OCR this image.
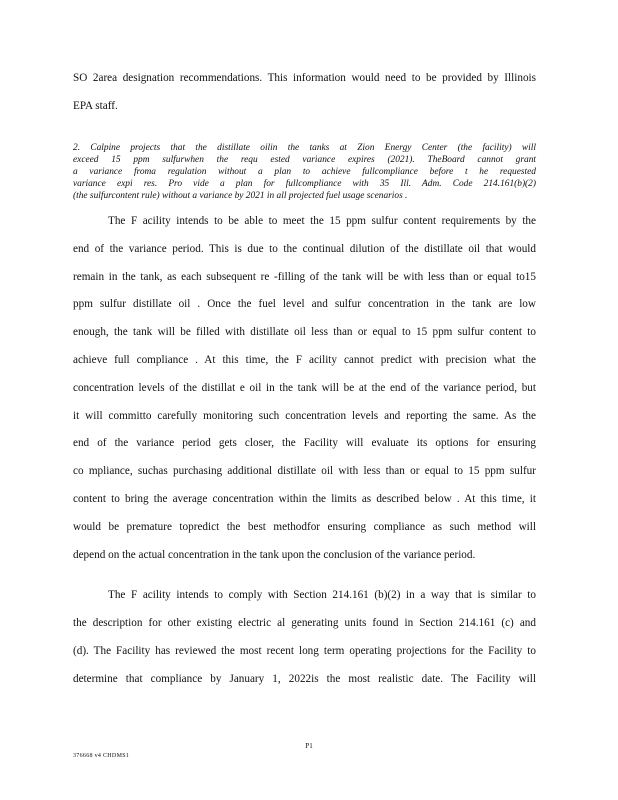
SO 2area designation recommendations. This information would need to be provided by Illinois
EPA staff.
2. Calpine projects that the distillate oilin the tanks at Zion Energy Center (the facility) will
exceed 15 ppm sulfurwhen the requ ested variance expires (2021). TheBoard cannot grant
a variance froma regulation without a plan to achieve fullcompliance before t he requested
variance expi res. Pro vide a plan for fullcompliance with 35 Ill. Adm. Code 214.161(b)(2)
(the sulfurcontent rule) without a variance by 2021 in all projected fuel usage scenarios .
The F acility intends to be able to meet the 15 ppm sulfur content requirements by the
end of the variance period. This is due to the continual dilution of the distillate oil that would
remain in the tank, as each subsequent re -filling of the tank will be with less than or equal to15
ppm sulfur distillate oil . Once the fuel level and sulfur concentration in the tank are low
enough, the tank will be filled with distillate oil less than or equal to 15 ppm sulfur content to
achieve full compliance . At this time, the F acility cannot predict with precision what the
concentration levels of the distillat e oil in the tank will be at the end of the variance period, but
it will committo carefully monitoring such concentration levels and reporting the same. As the
end of the variance period gets closer, the Facility will evaluate its options for ensuring
co mpliance, suchas purchasing additional distillate oil with less than or equal to 15 ppm sulfur
content to bring the average concentration within the limits as described below . At this time, it
would be premature topredict the best methodfor ensuring compliance as such method will
depend on the actual concentration in the tank upon the conclusion of the variance period.
The F acility intends to comply with Section 214.161 (b)(2) in a way that is similar to
the description for other existing electric al generating units found in Section 214.161 (c) and
(d). The Facility has reviewed the most recent long term operating projections for the Facility to
determine that compliance by January 1, 2022is the most realistic date. The Facility will
P1
376668 v4 CHDMS1
